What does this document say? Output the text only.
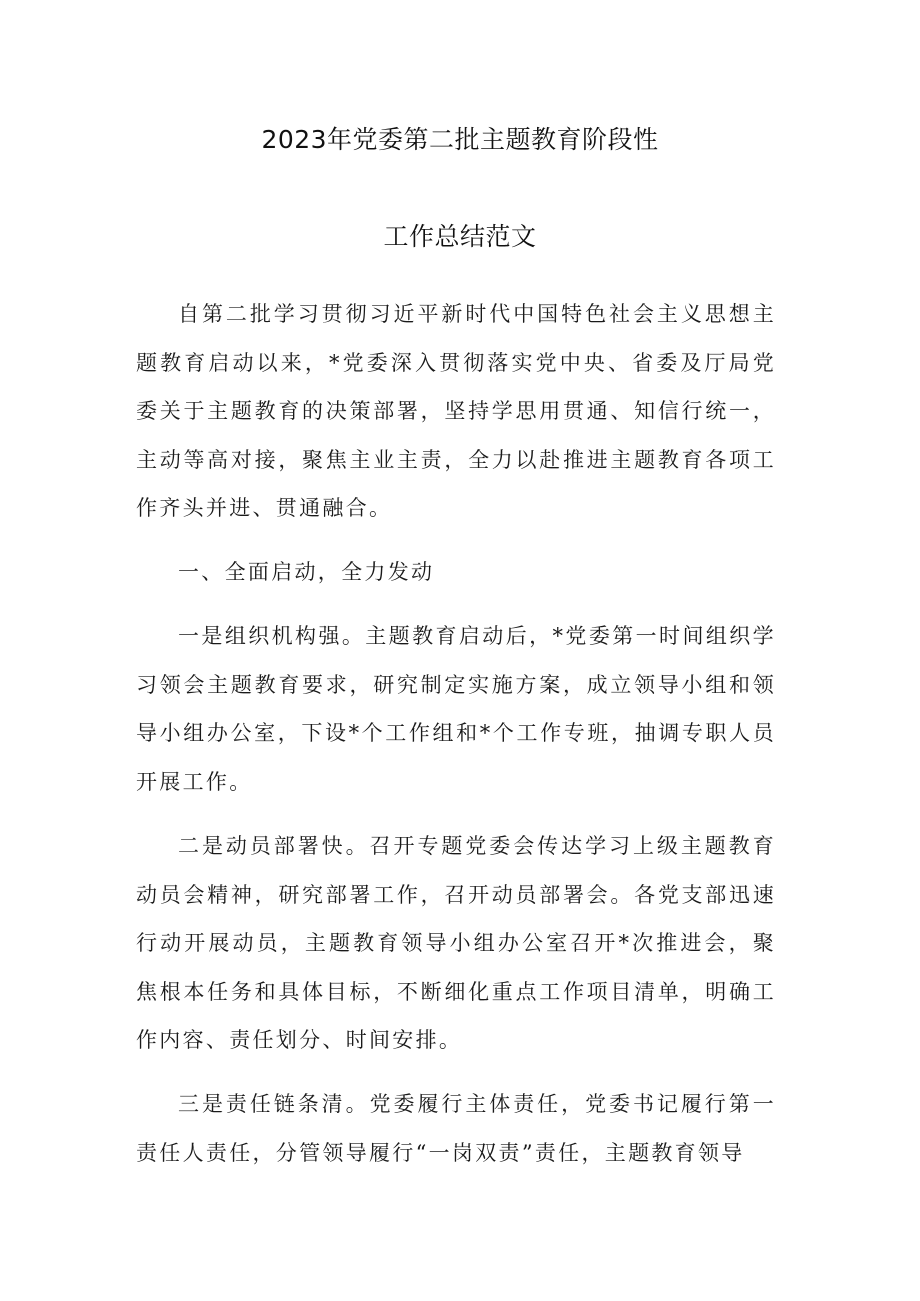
2023年党委第二批主题教育阶段性
工作总结范文

自第二批学习贯彻习近平新时代中国特色社会主义思想主题教育启动以来，*党委深入贯彻落实党中央、省委及厅局党委关于主题教育的决策部署，坚持学思用贯通、知信行统一，主动等高对接，聚焦主业主责，全力以赴推进主题教育各项工作齐头并进、贯通融合。

一、全面启动，全力发动

一是组织机构强。主题教育启动后，*党委第一时间组织学习领会主题教育要求，研究制定实施方案，成立领导小组和领导小组办公室，下设*个工作组和*个工作专班，抽调专职人员开展工作。

二是动员部署快。召开专题党委会传达学习上级主题教育动员会精神，研究部署工作，召开动员部署会。各党支部迅速行动开展动员，主题教育领导小组办公室召开*次推进会，聚焦根本任务和具体目标，不断细化重点工作项目清单，明确工作内容、责任划分、时间安排。

三是责任链条清。党委履行主体责任，党委书记履行第一责任人责任，分管领导履行“一岗双责”责任，主题教育领导
